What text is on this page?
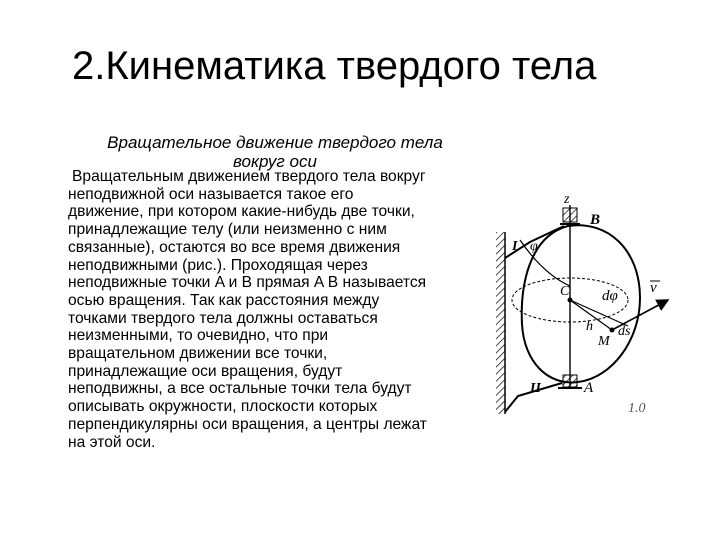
2.Кинематика твердого тела
Вращательное движение твердого тела
вокруг оси
Вращательным движением твердого тела вокруг
неподвижной оси называется такое его
движение, при котором какие-нибудь две точки,
принадлежащие телу (или неизменно с ним
связанные), остаются во все время движения
неподвижными (рис.). Проходящая через
неподвижные точки A и B прямая A B называется
осью вращения. Так как расстояния между
точками твердого тела должны оставаться
неизменными, то очевидно, что при
вращательном движении все точки,
принадлежащие оси вращения, будут
неподвижны, а все остальные точки тела будут
описывать окружности, плоскости которых
перпендикулярны оси вращения, а центры лежат
на этой оси.
z
B
I φ
C dφ v
h ds
M
II	A
1.0
